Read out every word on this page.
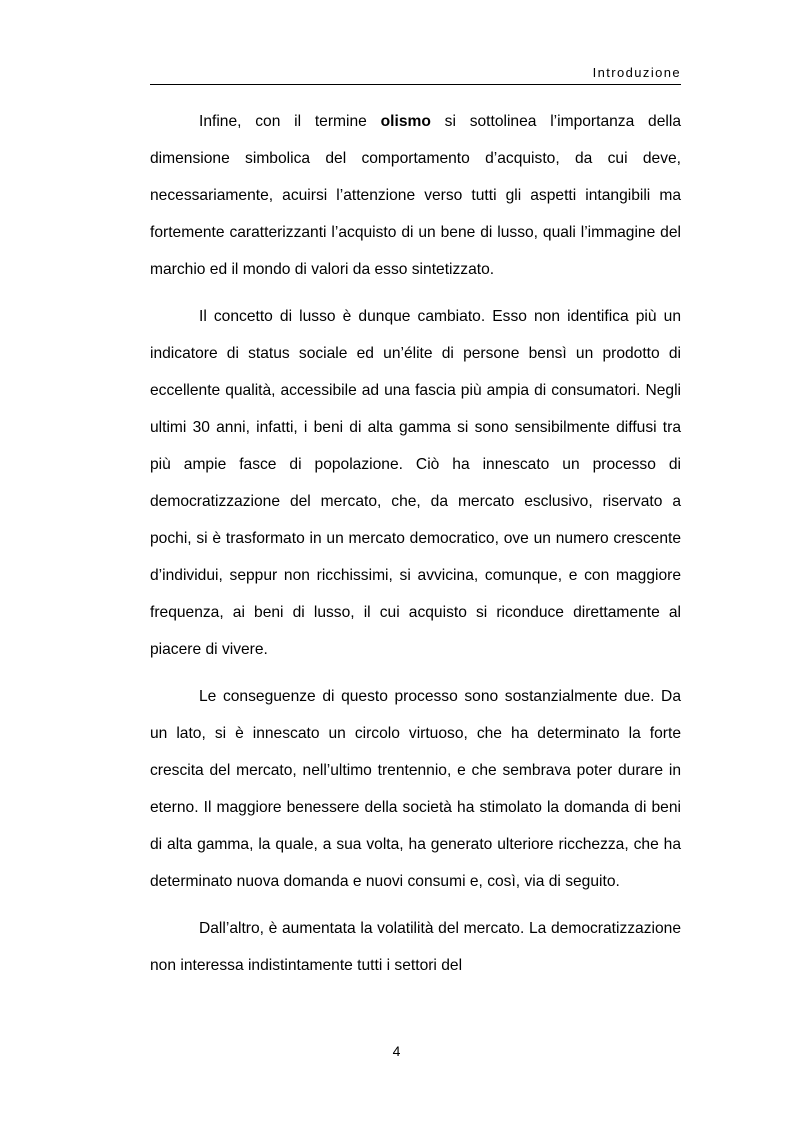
Introduzione

Infine, con il termine olismo si sottolinea l’importanza della dimensione simbolica del comportamento d’acquisto, da cui deve, necessariamente, acuirsi l’attenzione verso tutti gli aspetti intangibili ma fortemente caratterizzanti l’acquisto di un bene di lusso, quali l’immagine del marchio ed il mondo di valori da esso sintetizzato.

Il concetto di lusso è dunque cambiato. Esso non identifica più un indicatore di status sociale ed un’élite di persone bensì un prodotto di eccellente qualità, accessibile ad una fascia più ampia di consumatori. Negli ultimi 30 anni, infatti, i beni di alta gamma si sono sensibilmente diffusi tra più ampie fasce di popolazione. Ciò ha innescato un processo di democratizzazione del mercato, che, da mercato esclusivo, riservato a pochi, si è trasformato in un mercato democratico, ove un numero crescente d’individui, seppur non ricchissimi, si avvicina, comunque, e con maggiore frequenza, ai beni di lusso, il cui acquisto si riconduce direttamente al piacere di vivere.

Le conseguenze di questo processo sono sostanzialmente due. Da un lato, si è innescato un circolo virtuoso, che ha determinato la forte crescita del mercato, nell’ultimo trentennio, e che sembrava poter durare in eterno. Il maggiore benessere della società ha stimolato la domanda di beni di alta gamma, la quale, a sua volta, ha generato ulteriore ricchezza, che ha determinato nuova domanda e nuovi consumi e, così, via di seguito.

Dall’altro, è aumentata la volatilità del mercato. La democratizzazione non interessa indistintamente tutti i settori del

4
